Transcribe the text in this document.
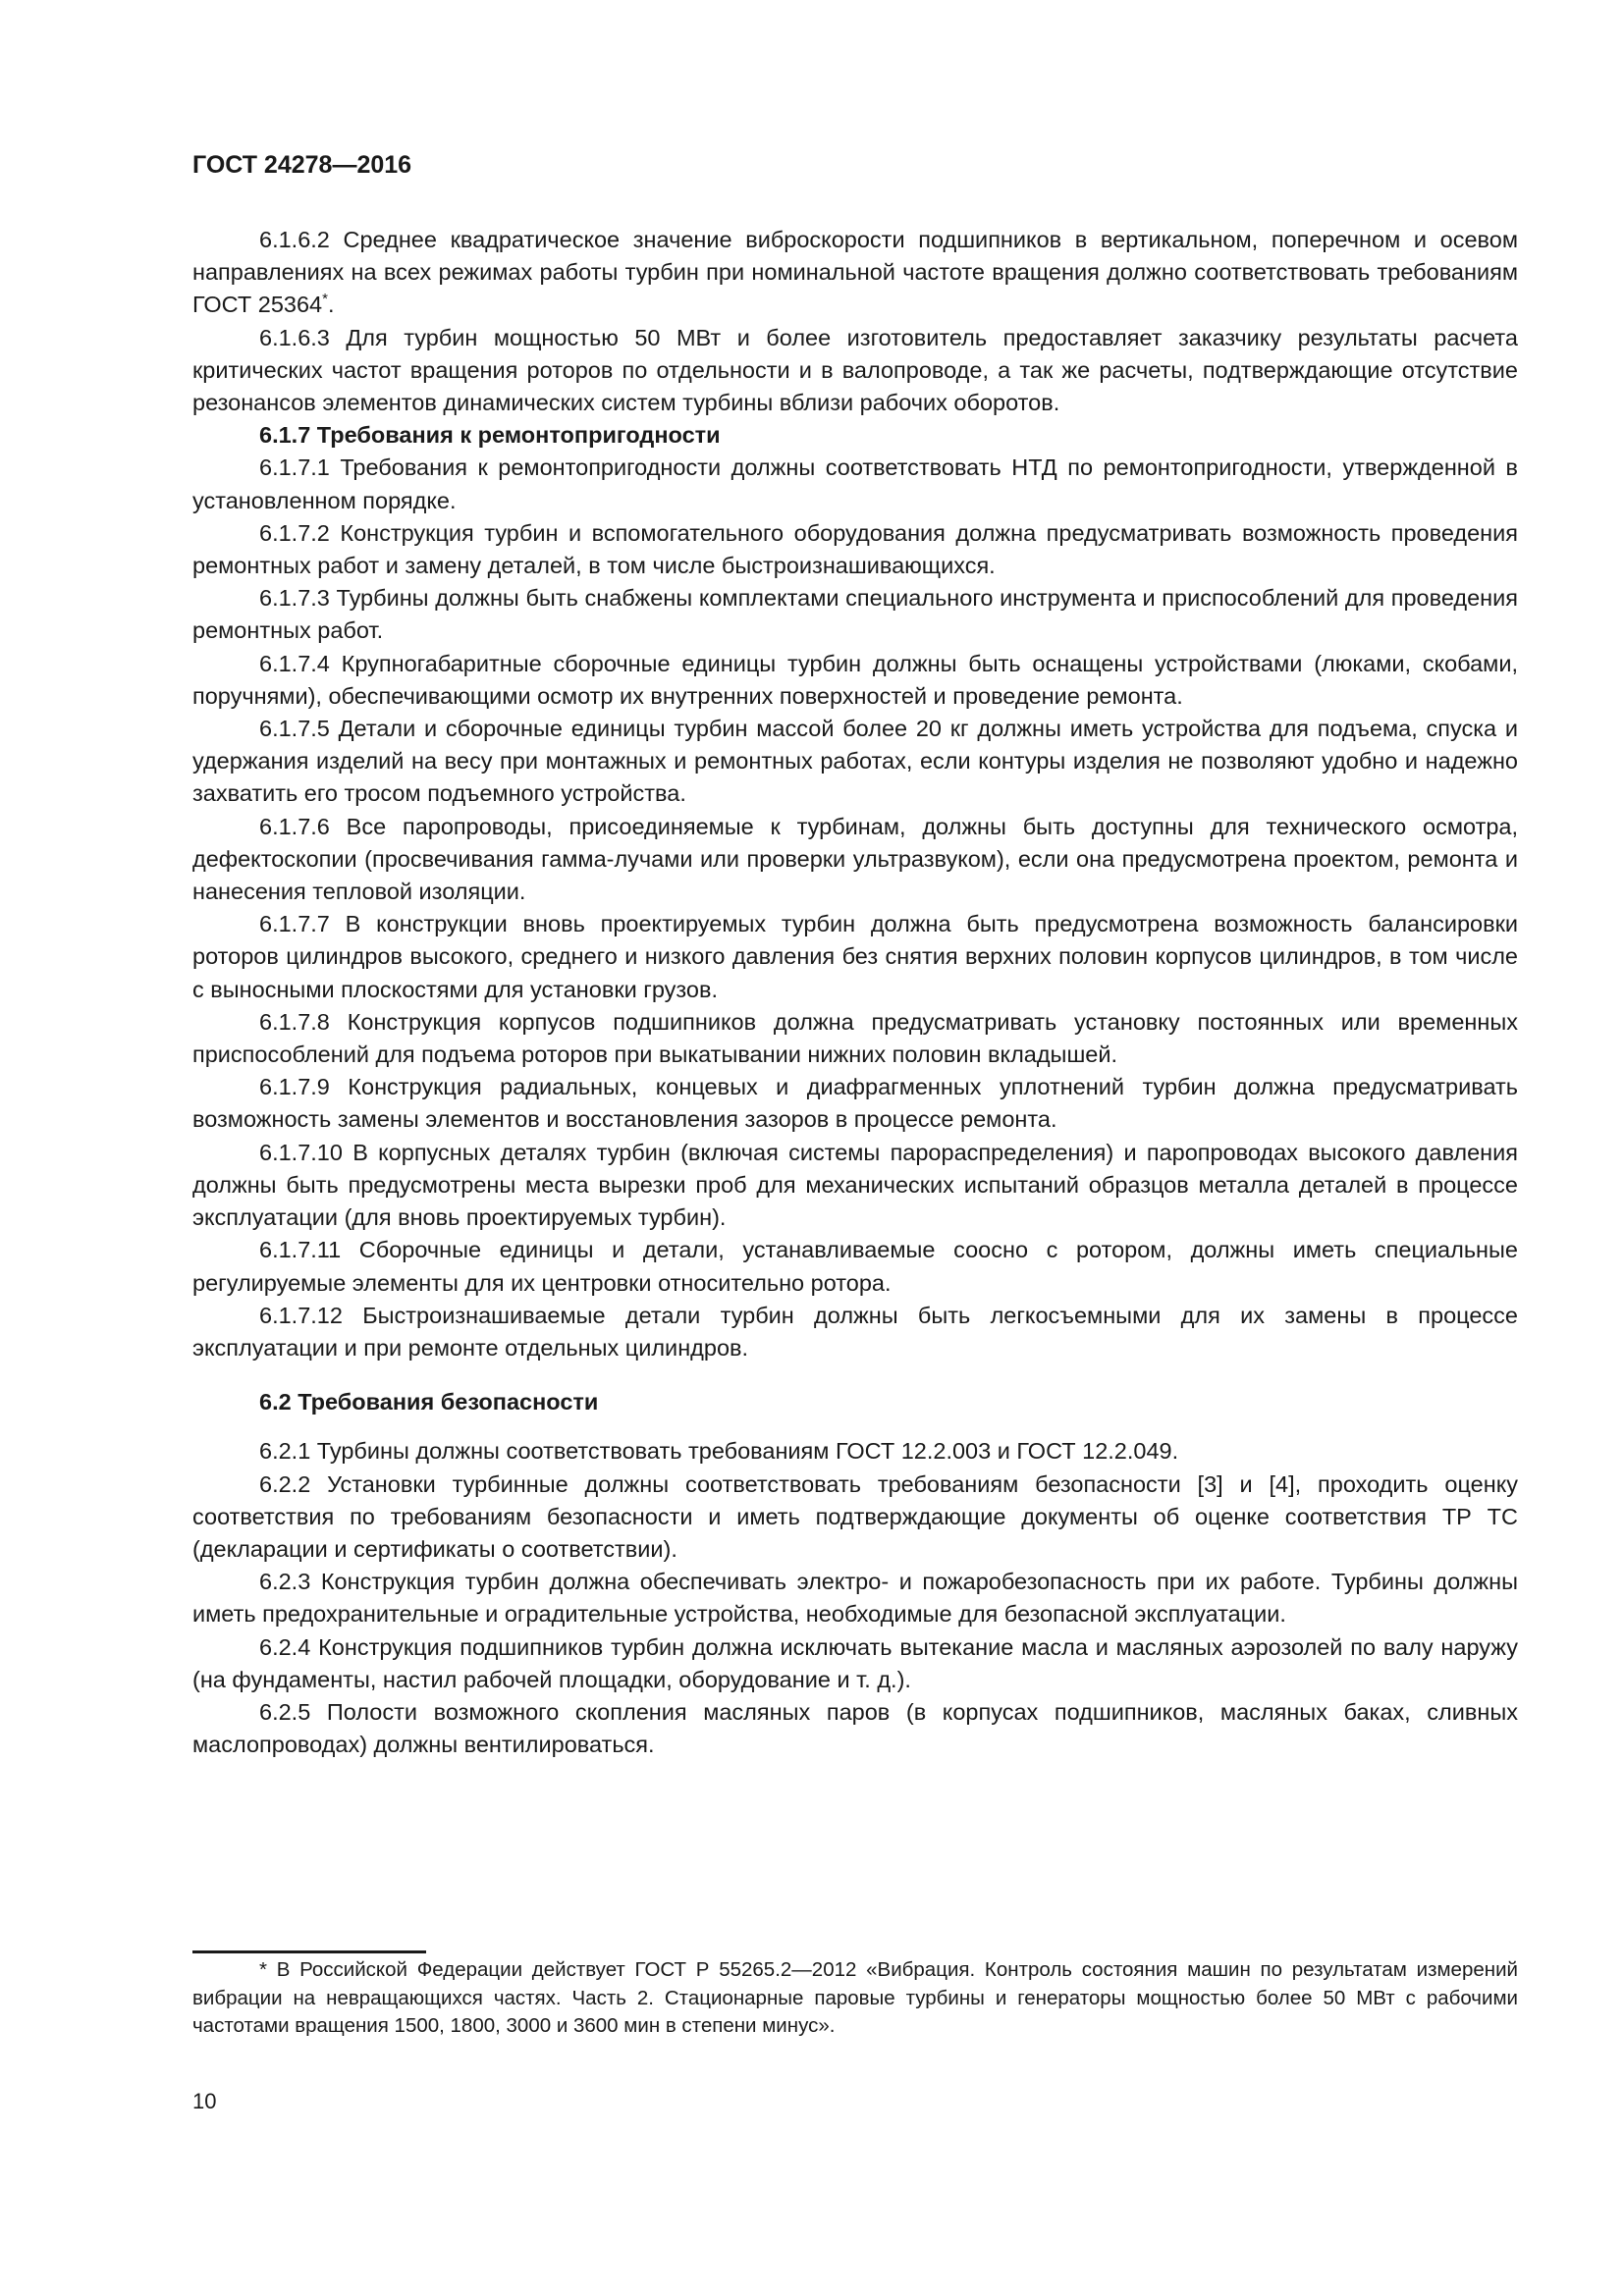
ГОСТ 24278—2016

6.1.6.2 Среднее квадратическое значение виброскорости подшипников в вертикальном, поперечном и осевом направлениях на всех режимах работы турбин при номинальной частоте вращения должно соответствовать требованиям ГОСТ 25364*.

6.1.6.3 Для турбин мощностью 50 МВт и более изготовитель предоставляет заказчику результаты расчета критических частот вращения роторов по отдельности и в валопроводе, а так же расчеты, подтверждающие отсутствие резонансов элементов динамических систем турбины вблизи рабочих оборотов.

6.1.7 Требования к ремонтопригодности

6.1.7.1 Требования к ремонтопригодности должны соответствовать НТД по ремонтопригодности, утвержденной в установленном порядке.

6.1.7.2 Конструкция турбин и вспомогательного оборудования должна предусматривать возможность проведения ремонтных работ и замену деталей, в том числе быстроизнашивающихся.

6.1.7.3 Турбины должны быть снабжены комплектами специального инструмента и приспособлений для проведения ремонтных работ.

6.1.7.4 Крупногабаритные сборочные единицы турбин должны быть оснащены устройствами (люками, скобами, поручнями), обеспечивающими осмотр их внутренних поверхностей и проведение ремонта.

6.1.7.5 Детали и сборочные единицы турбин массой более 20 кг должны иметь устройства для подъема, спуска и удержания изделий на весу при монтажных и ремонтных работах, если контуры изделия не позволяют удобно и надежно захватить его тросом подъемного устройства.

6.1.7.6 Все паропроводы, присоединяемые к турбинам, должны быть доступны для технического осмотра, дефектоскопии (просвечивания гамма-лучами или проверки ультразвуком), если она предусмотрена проектом, ремонта и нанесения тепловой изоляции.

6.1.7.7 В конструкции вновь проектируемых турбин должна быть предусмотрена возможность балансировки роторов цилиндров высокого, среднего и низкого давления без снятия верхних половин корпусов цилиндров, в том числе с выносными плоскостями для установки грузов.

6.1.7.8 Конструкция корпусов подшипников должна предусматривать установку постоянных или временных приспособлений для подъема роторов при выкатывании нижних половин вкладышей.

6.1.7.9 Конструкция радиальных, концевых и диафрагменных уплотнений турбин должна предусматривать возможность замены элементов и восстановления зазоров в процессе ремонта.

6.1.7.10 В корпусных деталях турбин (включая системы парораспределения) и паропроводах высокого давления должны быть предусмотрены места вырезки проб для механических испытаний образцов металла деталей в процессе эксплуатации (для вновь проектируемых турбин).

6.1.7.11 Сборочные единицы и детали, устанавливаемые соосно с ротором, должны иметь специальные регулируемые элементы для их центровки относительно ротора.

6.1.7.12 Быстроизнашиваемые детали турбин должны быть легкосъемными для их замены в процессе эксплуатации и при ремонте отдельных цилиндров.

6.2 Требования безопасности

6.2.1 Турбины должны соответствовать требованиям ГОСТ 12.2.003 и ГОСТ 12.2.049.

6.2.2 Установки турбинные должны соответствовать требованиям безопасности [3] и [4], проходить оценку соответствия по требованиям безопасности и иметь подтверждающие документы об оценке соответствия ТР ТС (декларации и сертификаты о соответствии).

6.2.3 Конструкция турбин должна обеспечивать электро- и пожаробезопасность при их работе. Турбины должны иметь предохранительные и оградительные устройства, необходимые для безопасной эксплуатации.

6.2.4 Конструкция подшипников турбин должна исключать вытекание масла и масляных аэрозолей по валу наружу (на фундаменты, настил рабочей площадки, оборудование и т. д.).

6.2.5 Полости возможного скопления масляных паров (в корпусах подшипников, масляных баках, сливных маслопроводах) должны вентилироваться.

* В Российской Федерации действует ГОСТ Р 55265.2—2012 «Вибрация. Контроль состояния машин по результатам измерений вибрации на невращающихся частях. Часть 2. Стационарные паровые турбины и генераторы мощностью более 50 МВт с рабочими частотами вращения 1500, 1800, 3000 и 3600 мин в степени минус».

10
